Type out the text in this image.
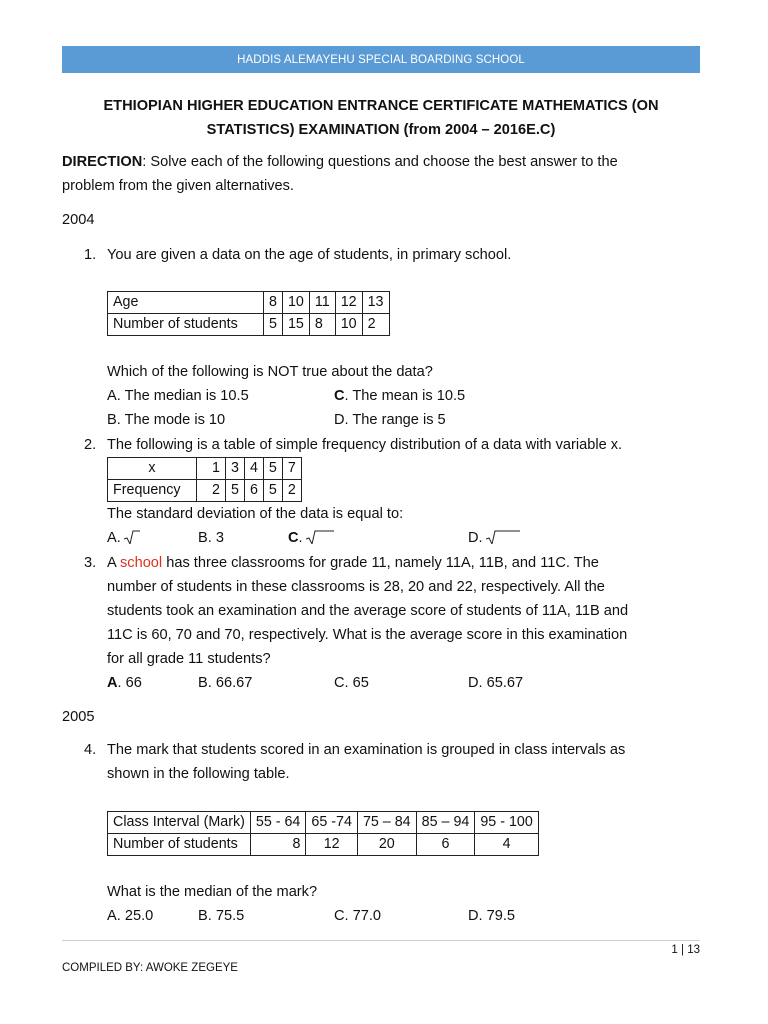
HADDIS ALEMAYEHU SPECIAL BOARDING SCHOOL
ETHIOPIAN HIGHER EDUCATION ENTRANCE CERTIFICATE MATHEMATICS (ON
STATISTICS) EXAMINATION (from 2004 – 2016E.C)
DIRECTION: Solve each of the following questions and choose the best answer to the
problem from the given alternatives.
2004
1. You are given a data on the age of students, in primary school.
Age	8	10	11	12	13
Number of students	5	15	8	10	2
Which of the following is NOT true about the data?
A. The median is 10.5	C. The mean is 10.5
B. The mode is 10	D. The range is 5
2. The following is a table of simple frequency distribution of a data with variable x.
x	1	3	4	5	7
Frequency	2	5	6	5	2
The standard deviation of the data is equal to:
A.	B. 3	C.	D.
3. A school has three classrooms for grade 11, namely 11A, 11B, and 11C. The
number of students in these classrooms is 28, 20 and 22, respectively. All the
students took an examination and the average score of students of 11A, 11B and
11C is 60, 70 and 70, respectively. What is the average score in this examination
for all grade 11 students?
A. 66	B. 66.67	C. 65	D. 65.67
2005
4. The mark that students scored in an examination is grouped in class intervals as
shown in the following table.
Class Interval (Mark)	55 - 64	65 -74	75 – 84	85 – 94	95 - 100
Number of students	8	12	20	6	4
What is the median of the mark?
A. 25.0	B. 75.5	C. 77.0	D. 79.5
1 | 13
COMPILED BY: AWOKE ZEGEYE
